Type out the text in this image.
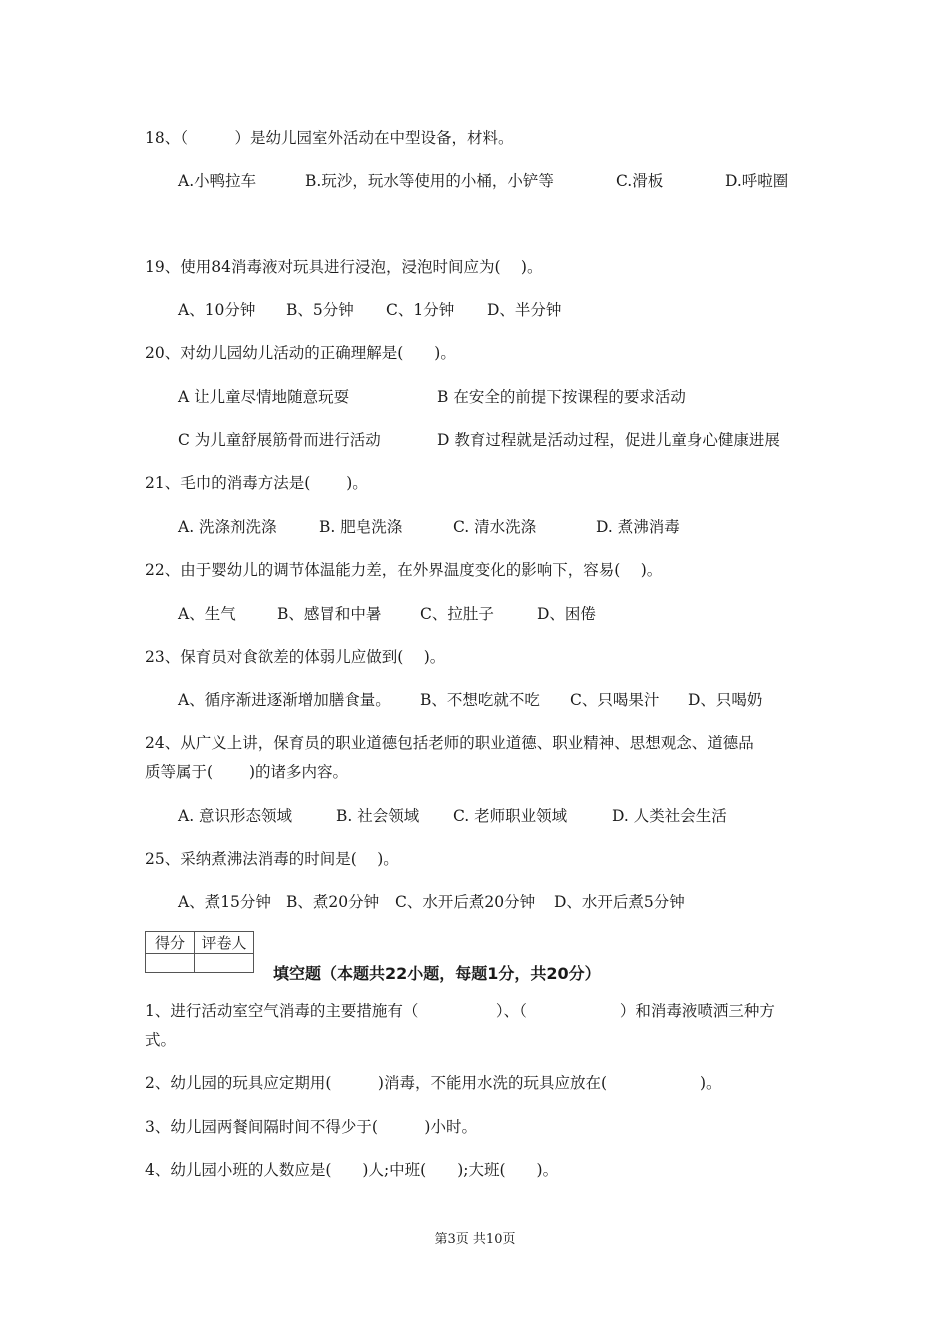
18、（　　　）是幼儿园室外活动在中型设备，材料。
A.小鸭拉车	B.玩沙，玩水等使用的小桶，小铲等	C.滑板	D.呼啦圈
19、使用84消毒液对玩具进行浸泡，浸泡时间应为(　 )。
A、10分钟 B、5分钟 C、1分钟 D、半分钟
20、对幼儿园幼儿活动的正确理解是(　　)。
A 让儿童尽情地随意玩耍	B 在安全的前提下按课程的要求活动
C 为儿童舒展筋骨而进行活动	D 教育过程就是活动过程，促进儿童身心健康进展
21、毛巾的消毒方法是(　　 )。
A. 洗涤剂洗涤	B. 肥皂洗涤	C. 清水洗涤	D. 煮沸消毒
22、由于婴幼儿的调节体温能力差，在外界温度变化的影响下，容易(　 )。
A、生气	B、感冒和中暑 C、拉肚子	D、困倦
23、保育员对食欲差的体弱儿应做到(　 )。
A、循序渐进逐渐增加膳食量。 B、不想吃就不吃 C、只喝果汁 D、只喝奶
24、从广义上讲，保育员的职业道德包括老师的职业道德、职业精神、思想观念、道德品
质等属于(　　 )的诸多内容。
A. 意识形态领域	B. 社会领域 C. 老师职业领域	D. 人类社会生活
25、采纳煮沸法消毒的时间是(　 )。
A、煮15分钟 B、煮20分钟 C、水开后煮20分钟 D、水开后煮5分钟
得分	评卷人

填空题（本题共22小题，每题1分，共20分）
1、进行活动室空气消毒的主要措施有（　　　　　）、（　　　　　　）和消毒液喷洒三种方
式。
2、幼儿园的玩具应定期用(　　　)消毒，不能用水洗的玩具应放在(　　　　　　)。
3、幼儿园两餐间隔时间不得少于(　　　)小时。
4、幼儿园小班的人数应是(　　)人;中班(　　);大班(　　)。
第3页 共10页
